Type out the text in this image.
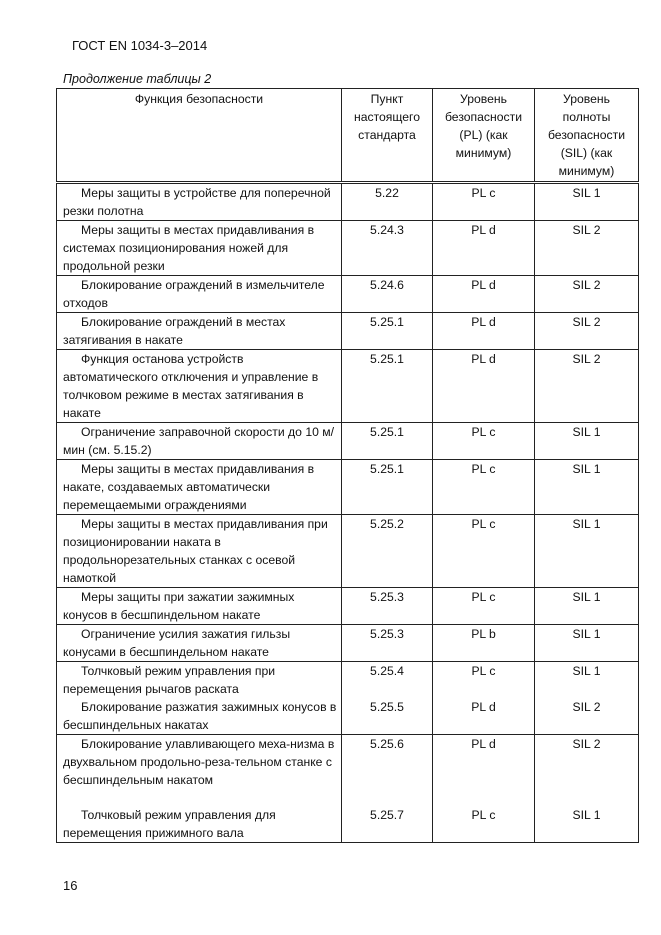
ГОСТ EN 1034-3–2014
Продолжение таблицы 2
Функция безопасности	Пункт настоящего стандарта	Уровень безопасности (PL) (как минимум)	Уровень полноты безопасности (SIL) (как минимум)
Меры защиты в устройстве для поперечной резки полотна	5.22	PL c	SIL 1
Меры защиты в местах придавливания в системах позиционирования ножей для продольной резки	5.24.3	PL d	SIL 2
Блокирование ограждений в измельчителе отходов	5.24.6	PL d	SIL 2
Блокирование ограждений в местах затягивания в накате	5.25.1	PL d	SIL 2
Функция останова устройств автоматического отключения и управление в толчковом режиме в местах затягивания в накате	5.25.1	PL d	SIL 2
Ограничение заправочной скорости до 10 м/мин (см. 5.15.2)	5.25.1	PL c	SIL 1
Меры защиты в местах придавливания в накате, создаваемых автоматически перемещаемыми ограждениями	5.25.1	PL c	SIL 1
Меры защиты в местах придавливания при позиционировании наката в продольнорезательных станках с осевой намоткой	5.25.2	PL c	SIL 1
Меры защиты при зажатии зажимных конусов в бесшпиндельном накате	5.25.3	PL c	SIL 1
Ограничение усилия зажатия гильзы конусами в бесшпиндельном накате	5.25.3	PL b	SIL 1
Толчковый режим управления при перемещения рычагов раската	5.25.4	PL c	SIL 1
Блокирование разжатия зажимных конусов в бесшпиндельных накатах	5.25.5	PL d	SIL 2
Блокирование улавливающего меха-низма в двухвальном продольно-реза-тельном станке с бесшпиндельным накатом	5.25.6	PL d	SIL 2
Толчковый режим управления для перемещения прижимного вала	5.25.7	PL c	SIL 1
16
